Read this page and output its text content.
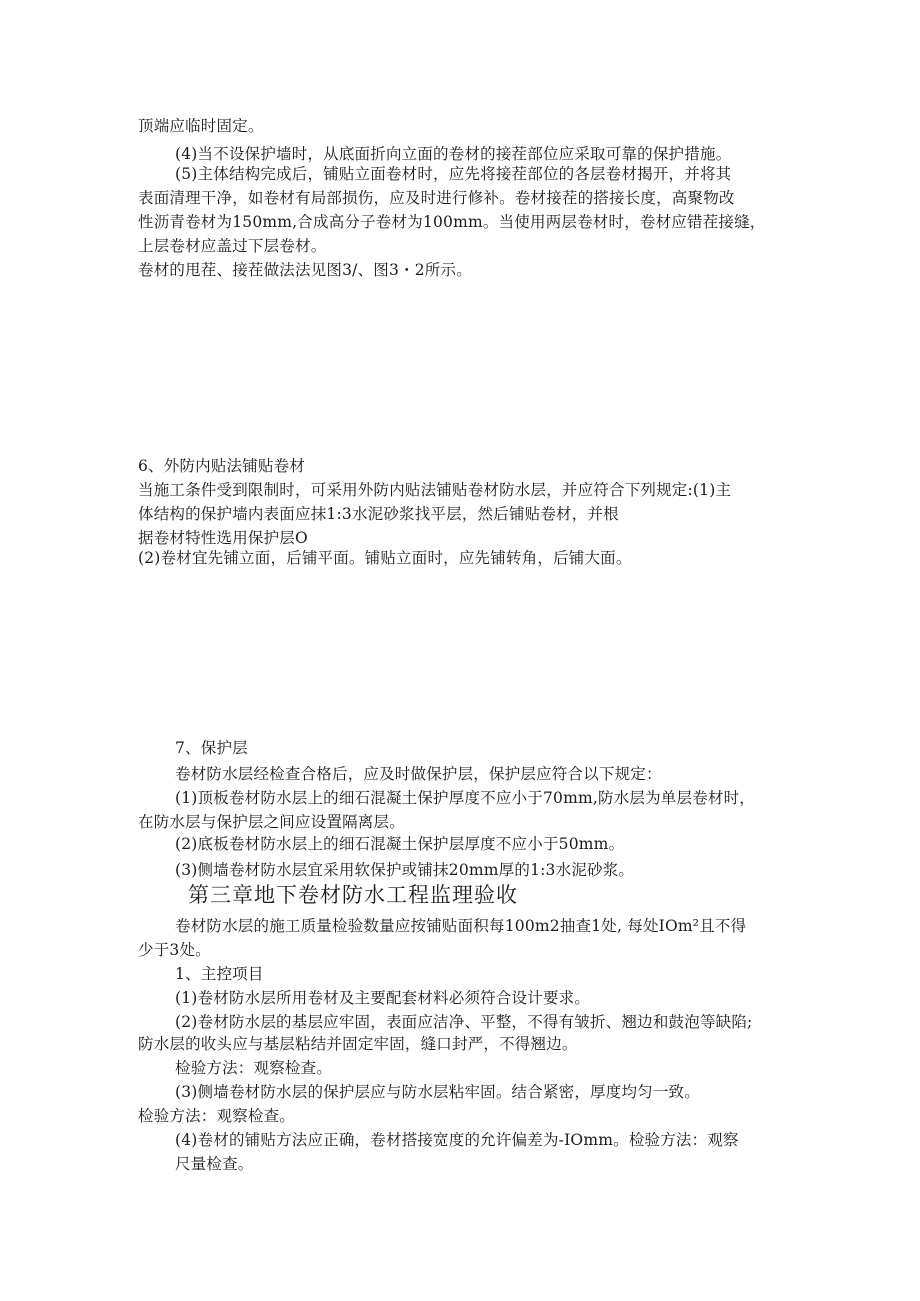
顶端应临时固定。
(4)当不设保护墙时，从底面折向立面的卷材的接茬部位应采取可靠的保护措施。
(5)主体结构完成后，铺贴立面卷材时，应先将接茬部位的各层卷材揭开，并将其
表面清理干净，如卷材有局部损伤，应及时进行修补。卷材接茬的搭接长度，高聚物改
性沥青卷材为150mm,合成高分子卷材为100mm。当使用两层卷材时，卷材应错茬接缝，
上层卷材应盖过下层卷材。
卷材的甩茬、接茬做法法见图3/、图3・2所示。
6、外防内贴法铺贴卷材
当施工条件受到限制时，可采用外防内贴法铺贴卷材防水层，并应符合下列规定:(1)主
体结构的保护墙内表面应抹1:3水泥砂浆找平层，然后铺贴卷材，并根
据卷材特性选用保护层O
(2)卷材宜先铺立面，后铺平面。铺贴立面时，应先铺转角，后铺大面。
7、保护层
卷材防水层经检查合格后，应及时做保护层，保护层应符合以下规定：
(1)顶板卷材防水层上的细石混凝土保护厚度不应小于70mm,防水层为单层卷材时，
在防水层与保护层之间应设置隔离层。
(2)底板卷材防水层上的细石混凝土保护层厚度不应小于50mm。
(3)侧墙卷材防水层宜采用软保护或铺抹20mm厚的1:3水泥砂浆。
第三章地下卷材防水工程监理验收
卷材防水层的施工质量检验数量应按铺贴面积每100m2抽查1处, 每处IOm²且不得
少于3处。
1、主控项目
(1)卷材防水层所用卷材及主要配套材料必须符合设计要求。
(2)卷材防水层的基层应牢固，表面应洁净、平整，不得有皱折、翘边和鼓泡等缺陷;
防水层的收头应与基层粘结并固定牢固，缝口封严，不得翘边。
检验方法：观察检查。
(3)侧墙卷材防水层的保护层应与防水层粘牢固。结合紧密，厚度均匀一致。
检验方法：观察检查。
(4)卷材的铺贴方法应正确，卷材搭接宽度的允许偏差为-IOmm。检验方法：观察
尺量检查。
